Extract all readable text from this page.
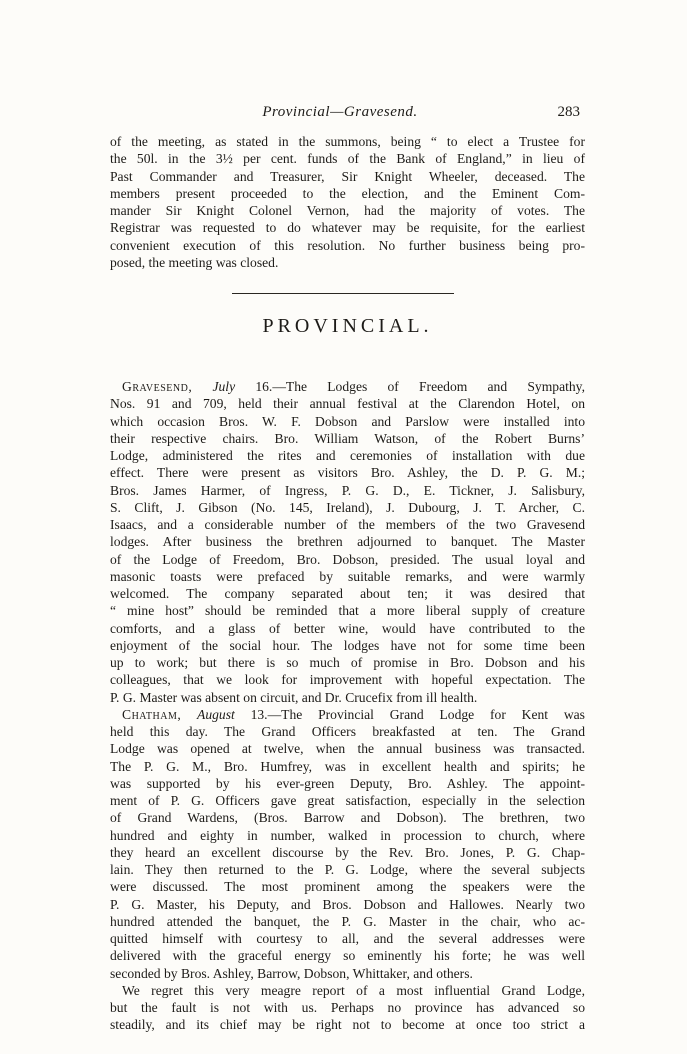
Provincial—Gravesend.	283
of the meeting, as stated in the summons, being “ to elect a Trustee for
the 50l. in the 3½ per cent. funds of the Bank of England,” in lieu of
Past Commander and Treasurer, Sir Knight Wheeler, deceased. The
members present proceeded to the election, and the Eminent Com-
mander Sir Knight Colonel Vernon, had the majority of votes. The
Registrar was requested to do whatever may be requisite, for the earliest
convenient execution of this resolution. No further business being pro-
posed, the meeting was closed.
PROVINCIAL.
Gravesend, July 16.—The Lodges of Freedom and Sympathy,
Nos. 91 and 709, held their annual festival at the Clarendon Hotel, on
which occasion Bros. W. F. Dobson and Parslow were installed into
their respective chairs. Bro. William Watson, of the Robert Burns’
Lodge, administered the rites and ceremonies of installation with due
effect. There were present as visitors Bro. Ashley, the D. P. G. M.;
Bros. James Harmer, of Ingress, P. G. D., E. Tickner, J. Salisbury,
S. Clift, J. Gibson (No. 145, Ireland), J. Dubourg, J. T. Archer, C.
Isaacs, and a considerable number of the members of the two Gravesend
lodges. After business the brethren adjourned to banquet. The Master
of the Lodge of Freedom, Bro. Dobson, presided. The usual loyal and
masonic toasts were prefaced by suitable remarks, and were warmly
welcomed. The company separated about ten; it was desired that
“ mine host” should be reminded that a more liberal supply of creature
comforts, and a glass of better wine, would have contributed to the
enjoyment of the social hour. The lodges have not for some time been
up to work; but there is so much of promise in Bro. Dobson and his
colleagues, that we look for improvement with hopeful expectation. The
P. G. Master was absent on circuit, and Dr. Crucefix from ill health.
Chatham, August 13.—The Provincial Grand Lodge for Kent was
held this day. The Grand Officers breakfasted at ten. The Grand
Lodge was opened at twelve, when the annual business was transacted.
The P. G. M., Bro. Humfrey, was in excellent health and spirits; he
was supported by his ever-green Deputy, Bro. Ashley. The appoint-
ment of P. G. Officers gave great satisfaction, especially in the selection
of Grand Wardens, (Bros. Barrow and Dobson). The brethren, two
hundred and eighty in number, walked in procession to church, where
they heard an excellent discourse by the Rev. Bro. Jones, P. G. Chap-
lain. They then returned to the P. G. Lodge, where the several subjects
were discussed. The most prominent among the speakers were the
P. G. Master, his Deputy, and Bros. Dobson and Hallowes. Nearly two
hundred attended the banquet, the P. G. Master in the chair, who ac-
quitted himself with courtesy to all, and the several addresses were
delivered with the graceful energy so eminently his forte; he was well
seconded by Bros. Ashley, Barrow, Dobson, Whittaker, and others.
We regret this very meagre report of a most influential Grand Lodge,
but the fault is not with us. Perhaps no province has advanced so
steadily, and its chief may be right not to become at once too strict a
